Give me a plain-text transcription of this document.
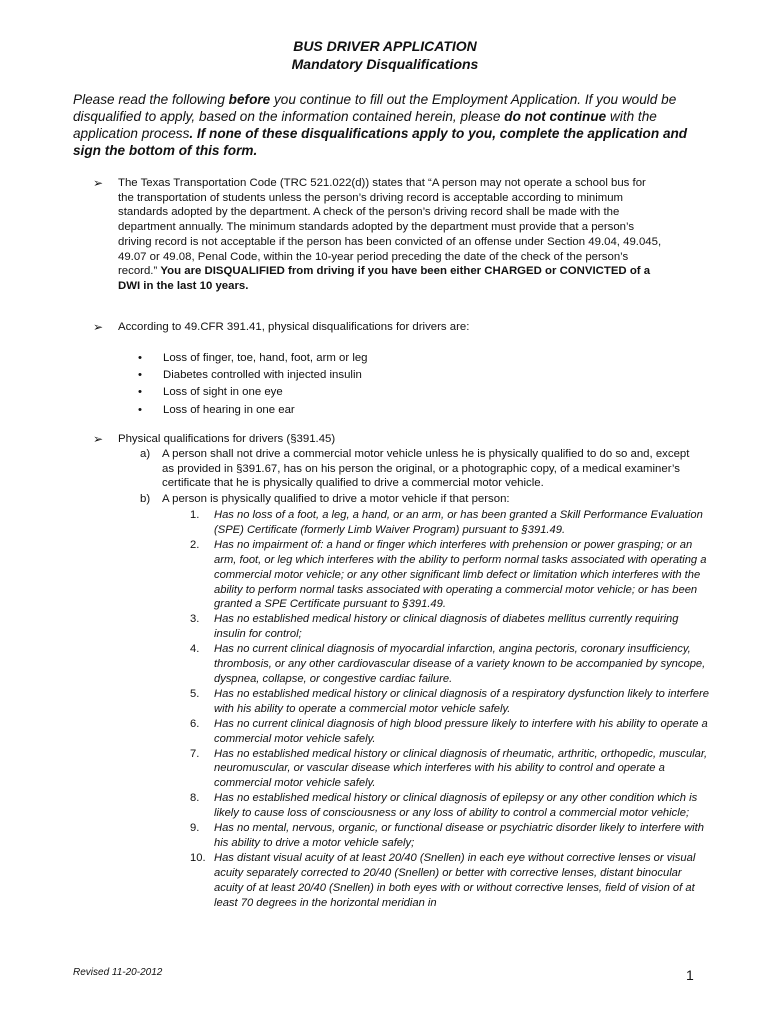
BUS DRIVER APPLICATION
Mandatory Disqualifications

Please read the following before you continue to fill out the Employment Application. If you would be disqualified to apply, based on the information contained herein, please do not continue with the application process. If none of these disqualifications apply to you, complete the application and sign the bottom of this form.

➢ The Texas Transportation Code (TRC 521.022(d)) states that “A person may not operate a school bus for the transportation of students unless the person’s driving record is acceptable according to minimum standards adopted by the department. A check of the person’s driving record shall be made with the department annually. The minimum standards adopted by the department must provide that a person’s driving record is not acceptable if the person has been convicted of an offense under Section 49.04, 49.045, 49.07 or 49.08, Penal Code, within the 10-year period preceding the date of the check of the person’s record.” You are DISQUALIFIED from driving if you have been either CHARGED or CONVICTED of a DWI in the last 10 years.

➢ According to 49.CFR 391.41, physical disqualifications for drivers are:

• Loss of finger, toe, hand, foot, arm or leg
• Diabetes controlled with injected insulin
• Loss of sight in one eye
• Loss of hearing in one ear
➢ Physical qualifications for drivers (§391.45)

a) A person shall not drive a commercial motor vehicle unless he is physically qualified to do so and, except as provided in §391.67, has on his person the original, or a photographic copy, of a medical examiner’s certificate that he is physically qualified to drive a commercial motor vehicle.
b) A person is physically qualified to drive a motor vehicle if that person:

1.	Has no loss of a foot, a leg, a hand, or an arm, or has been granted a Skill Performance Evaluation (SPE) Certificate (formerly Limb Waiver Program) pursuant to §391.49.

2.	Has no impairment of: a hand or finger which interferes with prehension or power grasping; or an arm, foot, or leg which interferes with the ability to perform normal tasks associated with operating a commercial motor vehicle; or any other significant limb defect or limitation which interferes with the ability to perform normal tasks associated with operating a commercial motor vehicle; or has been granted a SPE Certificate pursuant to §391.49.

3.	Has no established medical history or clinical diagnosis of diabetes mellitus currently requiring insulin for control;

4.	Has no current clinical diagnosis of myocardial infarction, angina pectoris, coronary insufficiency, thrombosis, or any other cardiovascular disease of a variety known to be accompanied by syncope, dyspnea, collapse, or congestive cardiac failure.

5.	Has no established medical history or clinical diagnosis of a respiratory dysfunction likely to interfere with his ability to operate a commercial motor vehicle safely.

6.	Has no current clinical diagnosis of high blood pressure likely to interfere with his ability to operate a commercial motor vehicle safely.

7.	Has no established medical history or clinical diagnosis of rheumatic, arthritic, orthopedic, muscular, neuromuscular, or vascular disease which interferes with his ability to control and operate a commercial motor vehicle safely.

8.	Has no established medical history or clinical diagnosis of epilepsy or any other condition which is likely to cause loss of consciousness or any loss of ability to control a commercial motor vehicle;

9.	Has no mental, nervous, organic, or functional disease or psychiatric disorder likely to interfere with his ability to drive a motor vehicle safely;

10. Has distant visual acuity of at least 20/40 (Snellen) in each eye without corrective lenses or visual acuity separately corrected to 20/40 (Snellen) or better with corrective lenses, distant binocular acuity of at least 20/40 (Snellen) in both eyes with or without corrective lenses, field of vision of at least 70 degrees in the horizontal meridian in

Revised 11-20-2012	1
